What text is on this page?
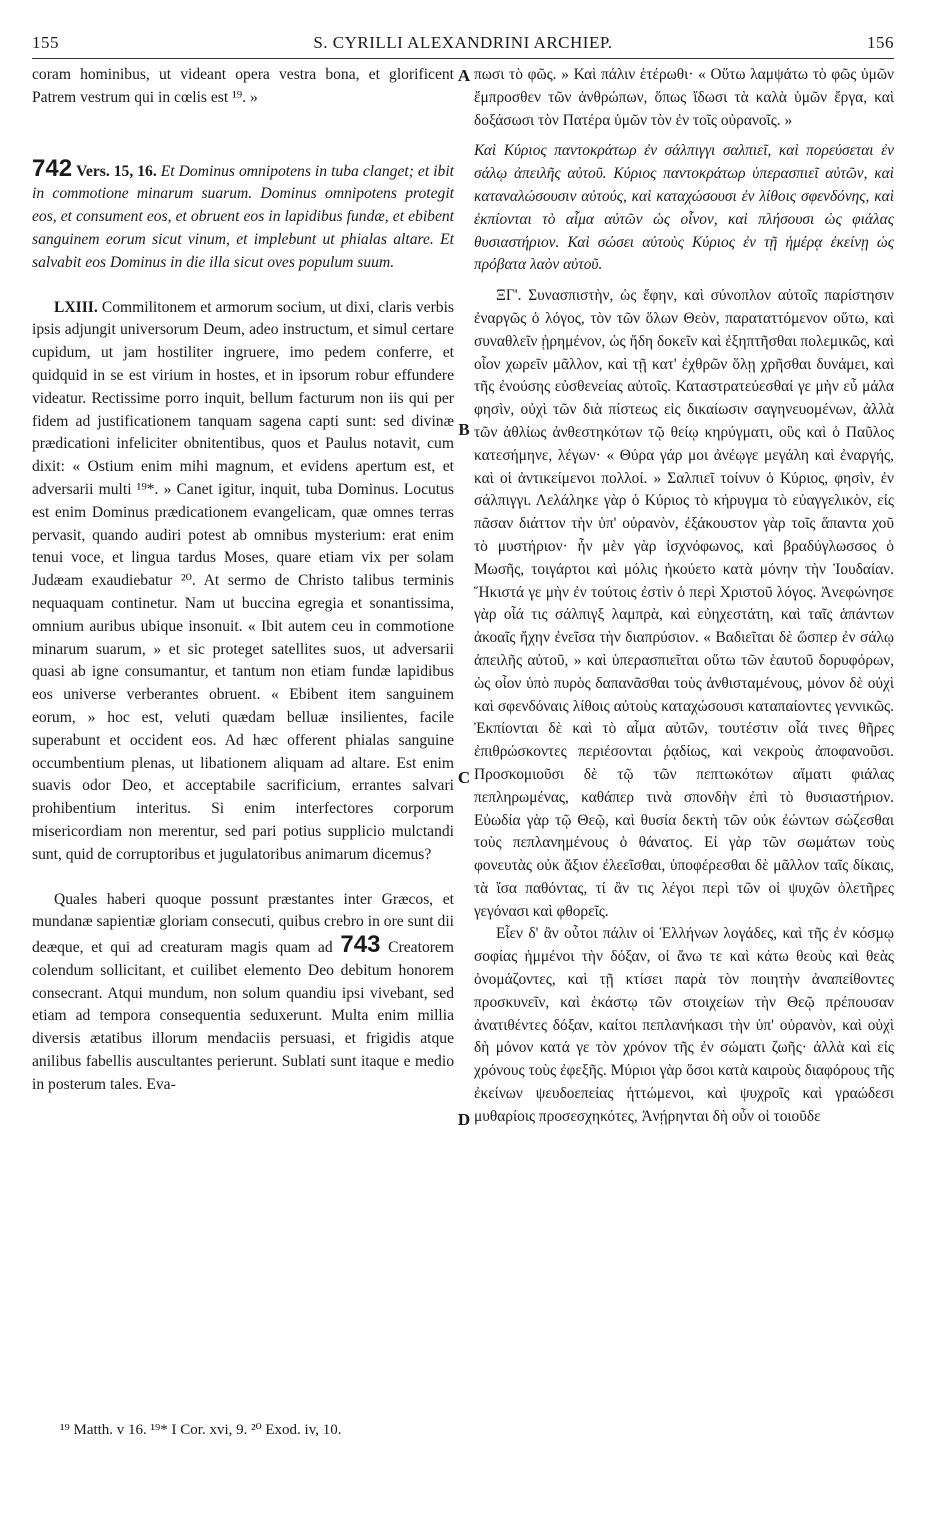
155	S. CYRILLI ALEXANDRINI ARCHIEP.	156

coram hominibus, ut videant opera vestra bona, et glorificent Patrem vestrum qui in cœlis est ¹⁹. »

742 Vers. 15, 16. Et Dominus omnipotens in tuba clanget; et ibit in commotione minarum suarum. Dominus omnipotens protegit eos, et consument eos, et obruent eos in lapidibus fundæ, et ebibent sanguinem eorum sicut vinum, et implebunt ut phialas altare. Et salvabit eos Dominus in die illa sicut oves populum suum.

LXIII. Commilitonem et armorum socium, ut dixi, claris verbis ipsis adjungit universorum Deum, adeo instructum, et simul certare cupidum, ut jam hostiliter ingruere, imo pedem conferre, et quidquid in se est virium in hostes, et in ipsorum robur effundere videatur. Rectissime porro inquit, bellum facturum non iis qui per fidem ad justificationem tanquam sagena capti sunt: sed divinæ prædicationi infeliciter obnitentibus, quos et Paulus notavit, cum dixit: « Ostium enim mihi magnum, et evidens apertum est, et adversarii multi ¹⁹*. » Canet igitur, inquit, tuba Dominus. Locutus est enim Dominus prædicationem evangelicam, quæ omnes terras pervasit, quando audiri potest ab omnibus mysterium: erat enim tenui voce, et lingua tardus Moses, quare etiam vix per solam Judæam exaudiebatur ²⁰. At sermo de Christo talibus terminis nequaquam continetur. Nam ut buccina egregia et sonantissima, omnium auribus ubique insonuit. « Ibit autem ceu in commotione minarum suarum, » et sic proteget satellites suos, ut adversarii quasi ab igne consumantur, et tantum non etiam fundæ lapidibus eos universe verberantes obruent. « Ebibent item sanguinem eorum, » hoc est, veluti quædam belluæ insilientes, facile superabunt et occident eos. Ad hæc offerent phialas sanguine occumbentium plenas, ut libationem aliquam ad altare. Est enim suavis odor Deo, et acceptabile sacrificium, errantes salvari prohibentium interitus. Si enim interfectores corporum misericordiam non merentur, sed pari potius supplicio mulctandi sunt, quid de corruptoribus et jugulatoribus animarum dicemus?

Quales haberi quoque possunt præstantes inter Græcos, et mundanæ sapientiæ gloriam consecuti, quibus crebro in ore sunt dii deæque, et qui ad creaturam magis quam ad 743 Creatorem colendum sollicitant, et cuilibet elemento Deo debitum honorem consecrant. Atqui mundum, non solum quandiu ipsi vivebant, sed etiam ad tempora consequentia seduxerunt. Multa enim millia diversis ætatibus illorum mendaciis persuasi, et frigidis atque anilibus fabellis auscultantes perierunt. Sublati sunt itaque e medio in posterum tales. Eva-

A
B
C
D

πωσι τὸ φῶς. » Καὶ πάλιν ἑτέρωθι· « Οὕτω λαμψάτω τὸ φῶς ὑμῶν ἔμπροσθεν τῶν ἀνθρώπων, ὅπως ἴδωσι τὰ καλὰ ὑμῶν ἔργα, καὶ δοξάσωσι τὸν Πατέρα ὑμῶν τὸν ἐν τοῖς οὐρανοῖς. »

Καὶ Κύριος παντοκράτωρ ἐν σάλπιγγι σαλπιεῖ, καὶ πορεύσεται ἐν σάλῳ ἀπειλῆς αὐτοῦ. Κύριος παντοκράτωρ ὑπερασπιεῖ αὐτῶν, καὶ καταναλώσουσιν αὐτούς, καὶ καταχώσουσι ἐν λίθοις σφενδόνης, καὶ ἐκπίονται τὸ αἷμα αὐτῶν ὡς οἶνον, καὶ πλήσουσι ὡς φιάλας θυσιαστήριον. Καὶ σώσει αὐτοὺς Κύριος ἐν τῇ ἡμέρᾳ ἐκείνῃ ὡς πρόβατα λαὸν αὐτοῦ.

ΞΓ'. Συνασπιστὴν, ὡς ἔφην, καὶ σύνοπλον αὐτοῖς παρίστησιν ἐναργῶς ὁ λόγος, τὸν τῶν ὅλων Θεὸν, παραταττόμενον οὕτω, καὶ συναθλεῖν ᾐρημένον, ὡς ἤδη δοκεῖν καὶ ἐξηπτῆσθαι πολεμικῶς, καὶ οἷον χωρεῖν μᾶλλον, καὶ τῇ κατ' ἐχθρῶν ὅλῃ χρῆσθαι δυνάμει, καὶ τῆς ἐνούσης εὐσθενείας αὐτοῖς. Καταστρατεύεσθαί γε μὴν εὖ μάλα φησὶν, οὐχὶ τῶν διὰ πίστεως εἰς δικαίωσιν σαγηνευομένων, ἀλλὰ τῶν ἀθλίως ἀνθεστηκότων τῷ θείῳ κηρύγματι, οὓς καὶ ὁ Παῦλος κατεσήμηνε, λέγων· « Θύρα γάρ μοι ἀνέῳγε μεγάλη καὶ ἐναργής, καὶ οἱ ἀντικείμενοι πολλοί. » Σαλπιεῖ τοίνυν ὁ Κύριος, φησὶν, ἐν σάλπιγγι. Λελάληκε γὰρ ὁ Κύριος τὸ κήρυγμα τὸ εὐαγγελικὸν, εἰς πᾶσαν διάττον τὴν ὑπ' οὐρανὸν, ἐξάκουστον γὰρ τοῖς ἅπαντα χοῦ τὸ μυστήριον· ἦν μὲν γὰρ ἰσχνόφωνος, καὶ βραδύγλωσσος ὁ Μωσῆς, τοιγάρτοι καὶ μόλις ἠκούετο κατὰ μόνην τὴν Ἰουδαίαν. Ἥκιστά γε μὴν ἐν τούτοις ἐστὶν ὁ περὶ Χριστοῦ λόγος. Ἀνεφώνησε γὰρ οἷά τις σάλπιγξ λαμπρὰ, καὶ εὐηχεστάτη, καὶ ταῖς ἁπάντων ἀκοαῖς ἤχην ἐνεῖσα τὴν διαπρύσιον. « Βαδιεῖται δὲ ὥσπερ ἐν σάλῳ ἀπειλῆς αὐτοῦ, » καὶ ὑπερασπιεῖται οὕτω τῶν ἑαυτοῦ δορυφόρων, ὡς οἷον ὑπὸ πυρὸς δαπανᾶσθαι τοὺς ἀνθισταμένους, μόνον δὲ οὐχὶ καὶ σφενδόναις λίθοις αὐτοὺς καταχώσουσι καταπαίοντες γεννικῶς. Ἐκπίονται δὲ καὶ τὸ αἷμα αὐτῶν, τουτέστιν οἷά τινες θῆρες ἐπιθρώσκοντες περιέσονται ῥᾳδίως, καὶ νεκροὺς ἀποφανοῦσι. Προσκομιοῦσι δὲ τῷ τῶν πεπτωκότων αἵματι φιάλας πεπληρωμένας, καθάπερ τινὰ σπονδὴν ἐπὶ τὸ θυσιαστήριον. Εὐωδία γὰρ τῷ Θεῷ, καὶ θυσία δεκτὴ τῶν οὐκ ἐώντων σώζεσθαι τοὺς πεπλανημένους ὁ θάνατος. Εἰ γὰρ τῶν σωμάτων τοὺς φονευτὰς οὐκ ἄξιον ἐλεεῖσθαι, ὑποφέρεσθαι δὲ μᾶλλον ταῖς δίκαις, τὰ ἴσα παθόντας, τί ἂν τις λέγοι περὶ τῶν οἱ ψυχῶν ὀλετῆρες γεγόνασι καὶ φθορεῖς.

Εἶεν δ' ἂν οὗτοι πάλιν οἱ Ἑλλήνων λογάδες, καὶ τῆς ἐν κόσμῳ σοφίας ἡμμένοι τὴν δόξαν, οἱ ἄνω τε καὶ κάτω θεοὺς καὶ θεὰς ὀνομάζοντες, καὶ τῇ κτίσει παρὰ τὸν ποιητὴν ἀναπείθοντες προσκυνεῖν, καὶ ἑκάστῳ τῶν στοιχείων τὴν Θεῷ πρέπουσαν ἀνατιθέντες δόξαν, καίτοι πεπλανήκασι τὴν ὑπ' οὐρανὸν, καὶ οὐχὶ δὴ μόνον κατά γε τὸν χρόνον τῆς ἐν σώματι ζωῆς· ἀλλὰ καὶ εἰς χρόνους τοὺς ἐφεξῆς. Μύριοι γὰρ ὅσοι κατὰ καιροὺς διαφόρους τῆς ἐκείνων ψευδοεπείας ἡττώμενοι, καὶ ψυχροῖς καὶ γραώδεσι μυθαρίοις προσεσχηκότες, Ἀνῄρηνται δὴ οὖν οἱ τοιοῦδε

¹⁹ Matth. v 16. ¹⁹* I Cor. xvi, 9. ²⁰ Exod. iv, 10.
